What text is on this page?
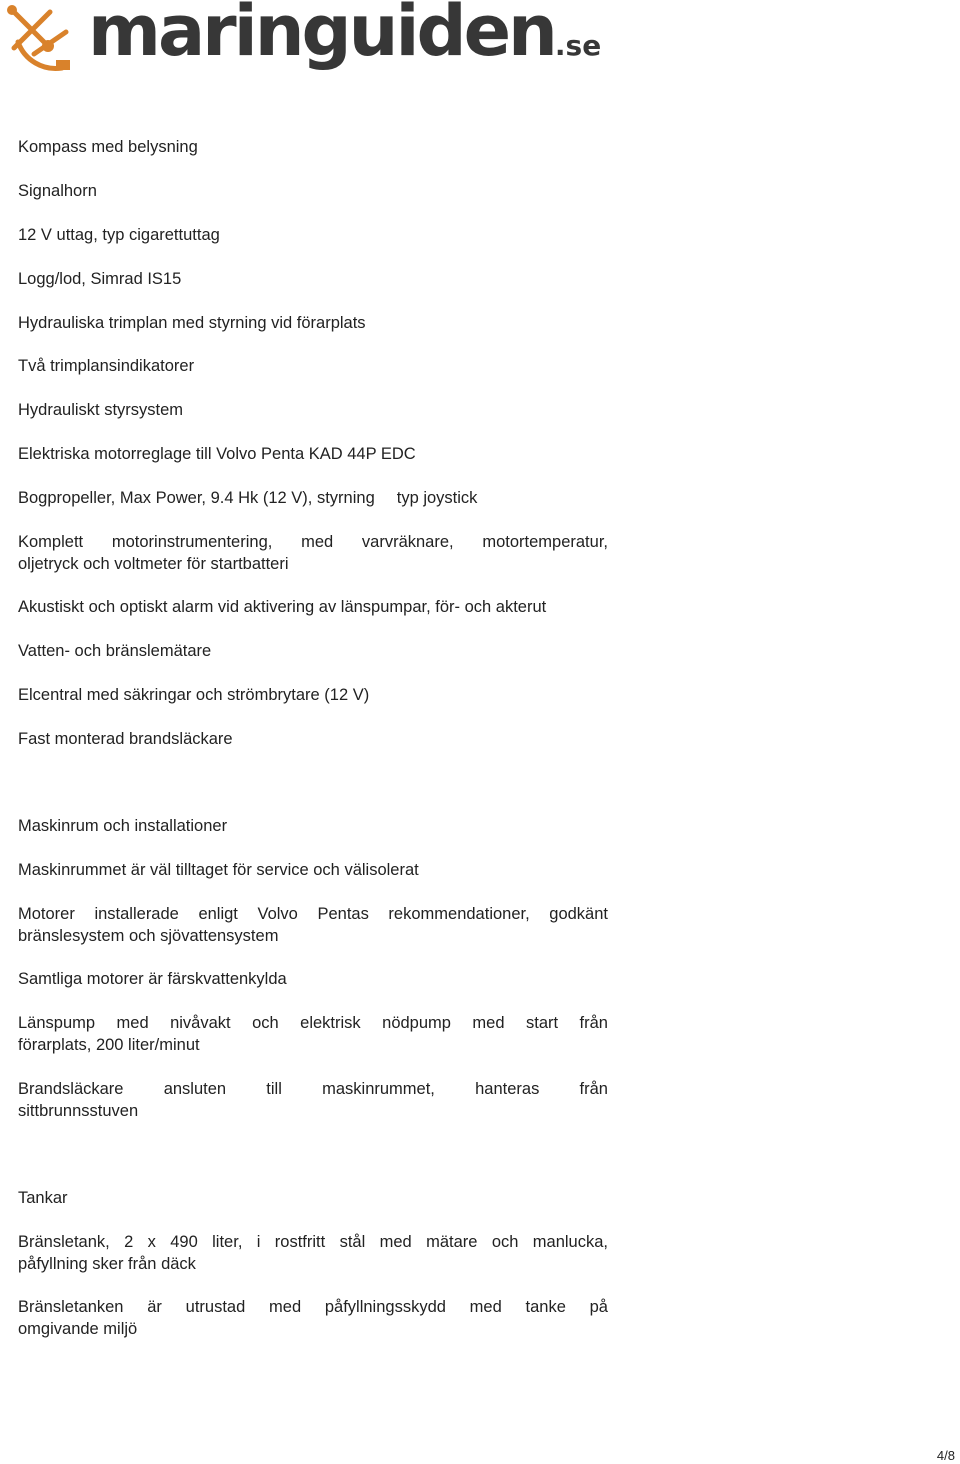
maringuiden.se
Kompass med belysning
Signalhorn
12 V uttag, typ cigarettuttag
Logg/lod, Simrad IS15
Hydrauliska trimplan med styrning vid förarplats
Två trimplansindikatorer
Hydrauliskt styrsystem
Elektriska motorreglage till Volvo Penta KAD 44P EDC
Bogpropeller, Max Power, 9.4 Hk (12 V), styrning typ joystick
Komplett motorinstrumentering, med varvräknare, motortemperatur,
oljetryck och voltmeter för startbatteri
Akustiskt och optiskt alarm vid aktivering av länspumpar, för- och akterut
Vatten- och bränslemätare
Elcentral med säkringar och strömbrytare (12 V)
Fast monterad brandsläckare
Maskinrum och installationer
Maskinrummet är väl tilltaget för service och välisolerat
Motorer installerade enligt Volvo Pentas rekommendationer, godkänt
bränslesystem och sjövattensystem
Samtliga motorer är färskvattenkylda
Länspump med nivåvakt och elektrisk nödpump med start från
förarplats, 200 liter/minut
Brandsläckare ansluten till maskinrummet, hanteras från
sittbrunnsstuven
Tankar
Bränsletank, 2 x 490 liter, i rostfritt stål med mätare och manlucka,
påfyllning sker från däck
Bränsletanken är utrustad med påfyllningsskydd med tanke på
omgivande miljö
4/8
